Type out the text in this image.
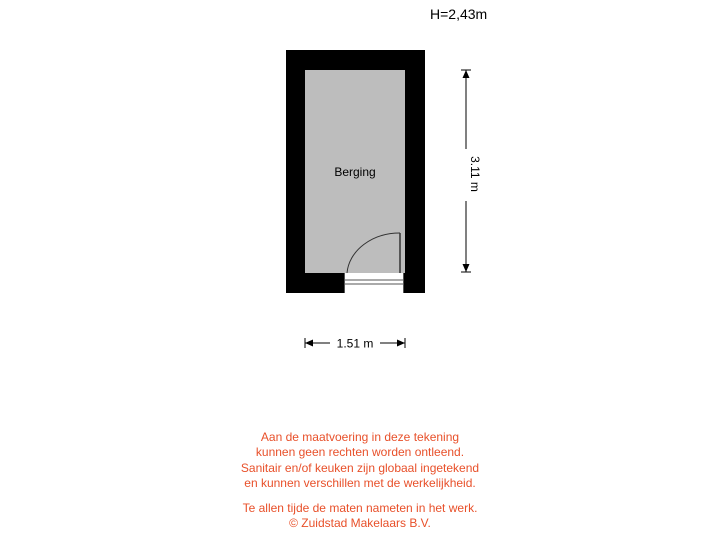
H=2,43m
Berging	3.11 m
1.51 m
Aan de maatvoering in deze tekening
kunnen geen rechten worden ontleend.
Sanitair en/of keuken zijn globaal ingetekend
en kunnen verschillen met de werkelijkheid.
Te allen tijde de maten nameten in het werk.
© Zuidstad Makelaars B.V.
